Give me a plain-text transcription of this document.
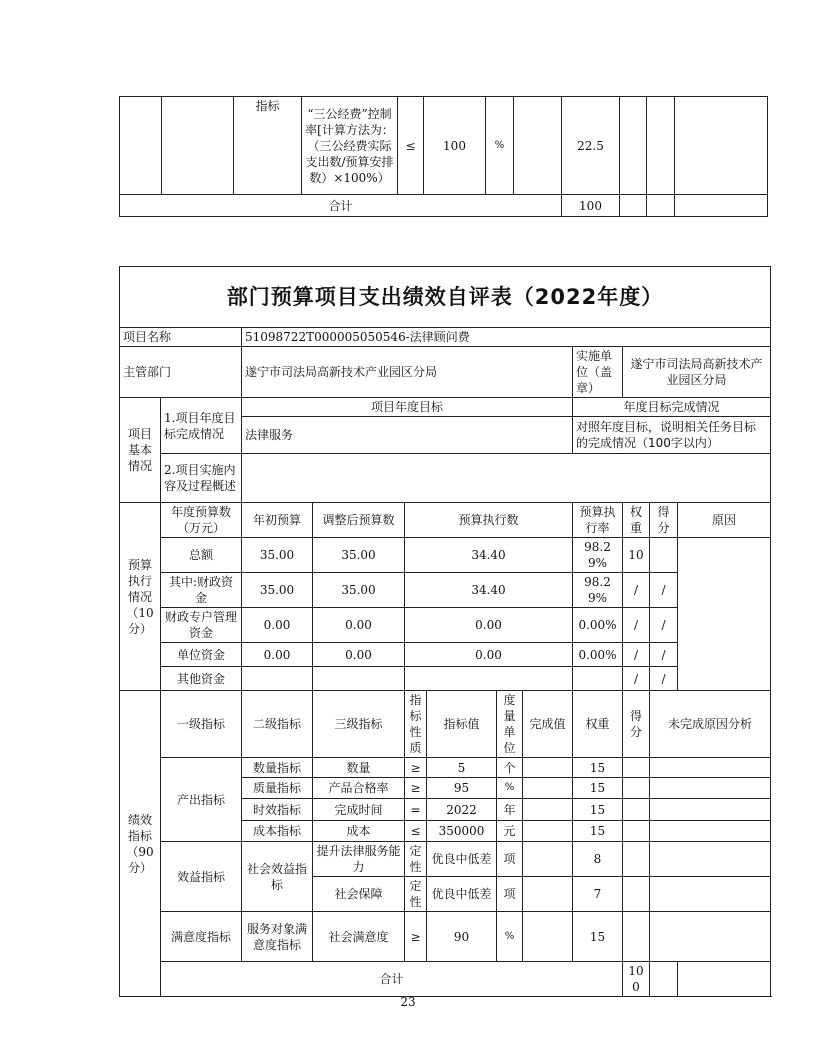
		指标	“三公经费”控制率[计算方法为：（三公经费实际支出数/预算安排数）×100%）	≤	100	%		22.5			
合计								100			
部门预算项目支出绩效自评表（2022年度）											
项目名称		51098722T000005050546-法律顾问费									
主管部门		遂宁市司法局高新技术产业园区分局						实施单位（盖章）	遂宁市司法局高新技术产业园区分局		
项目基本情况	1.项目年度目标完成情况	项目年度目标						年度目标完成情况			
		法律服务						对照年度目标，说明相关任务目标的完成情况（100字以内）			
	2.项目实施内容及过程概述										

预算执行情况（10分）	年度预算数（万元）	年初预算	调整后预算数	预算执行数				预算执行率	权重	得分	原因
	总额	35.00	35.00	34.40				98.29%	10		
	其中:财政资金	35.00	35.00	34.40				98.29%	/	/	
	财政专户管理资金	0.00	0.00	0.00				0.00%	/	/	
	单位资金	0.00	0.00	0.00				0.00%	/	/	
	其他资金								/	/	
绩效指标（90分）	一级指标	二级指标	三级指标	指标性质	指标值	度量单位	完成值	权重	得分	未完成原因分析	
	产出指标	数量指标	数量	≥	5	个		15			
		质量指标	产品合格率	≥	95	%		15			
		时效指标	完成时间	=	2022	年		15			
		成本指标	成本	≤	350000	元		15			
	效益指标	社会效益指标	提升法律服务能力	定性	优良中低差	项		8			
			社会保障	定性	优良中低差	项		7			
	满意度指标	服务对象满意度指标	社会满意度	≥	90	%		15			
	合计								100		
23
